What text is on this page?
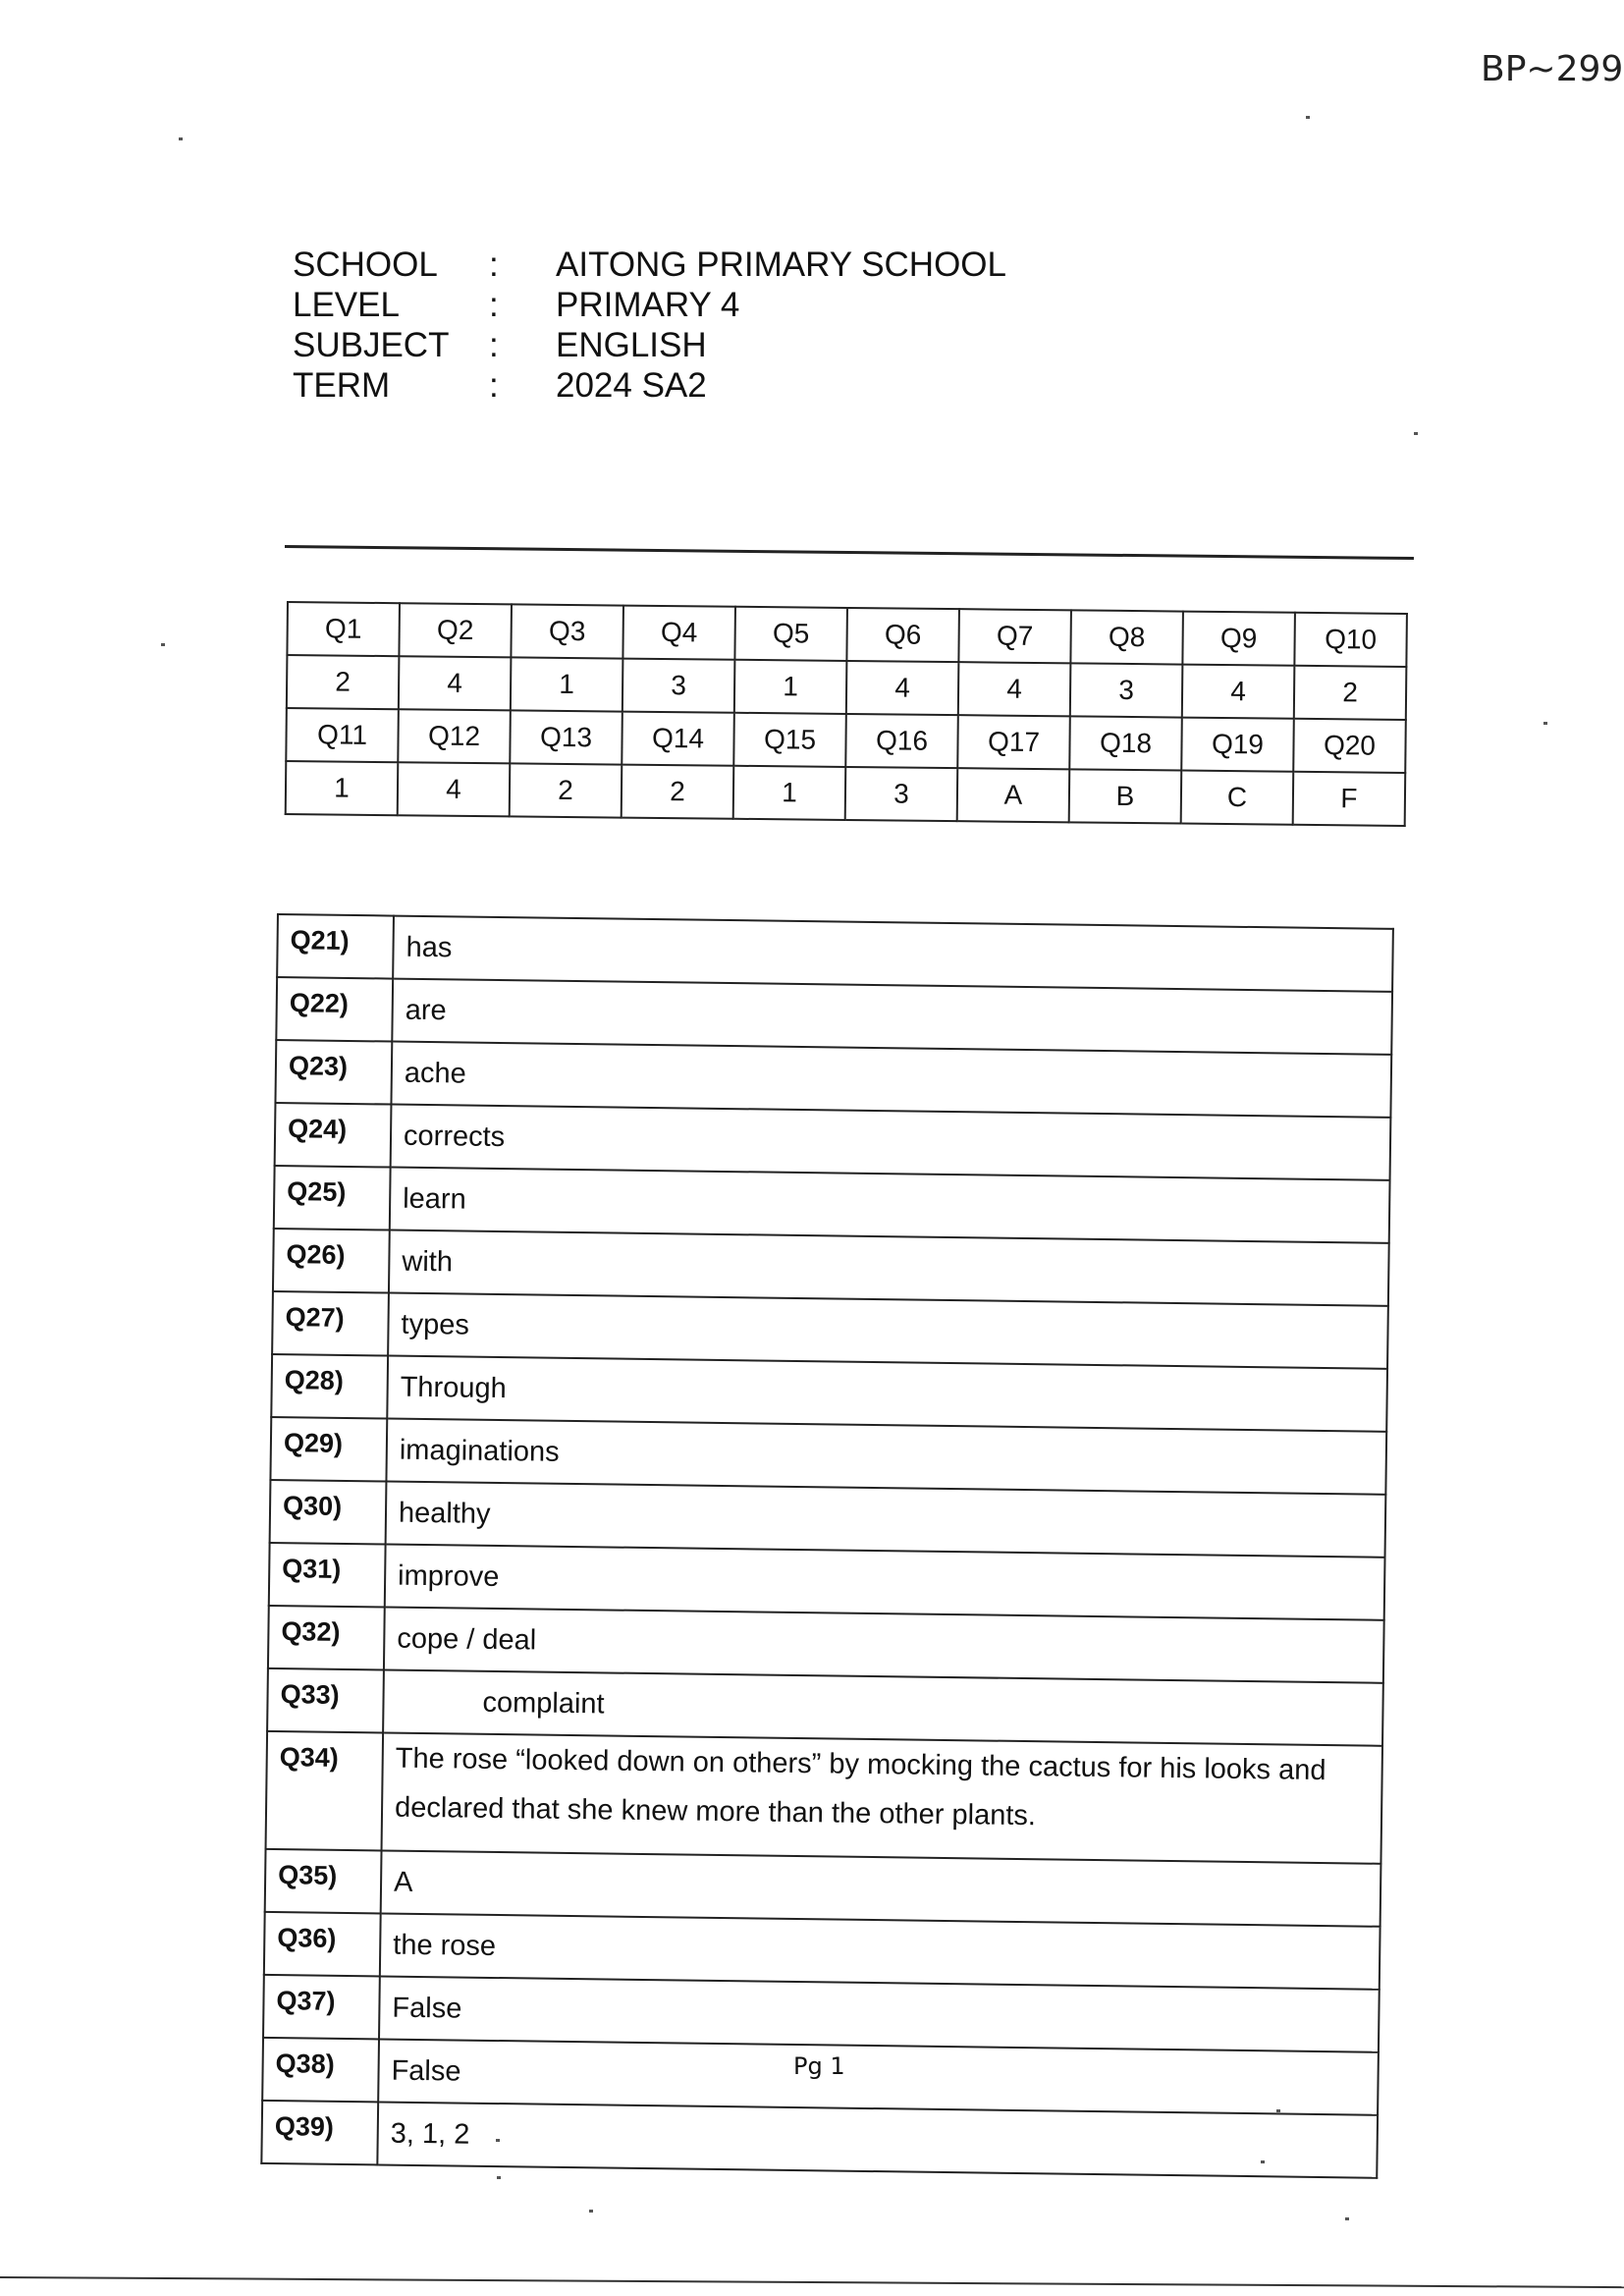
BP~299
SCHOOL	:	AITONG PRIMARY SCHOOL
LEVEL	:	PRIMARY 4
SUBJECT	:	ENGLISH
TERM	:	2024 SA2
Q1	Q2	Q3	Q4	Q5	Q6	Q7	Q8	Q9	Q10
2	4	1	3	1	4	4	3	4	2
Q11	Q12	Q13	Q14	Q15	Q16	Q17	Q18	Q19	Q20
1	4	2	2	1	3	A	B	C	F
Q21)	has
Q22)	are
Q23)	ache
Q24)	corrects
Q25)	learn
Q26)	with
Q27)	types
Q28)	Through
Q29)	imaginations
Q30)	healthy
Q31)	improve
Q32)	cope / deal
Q33)	complaint
Q34)	The rose “looked down on others” by mocking the cactus for his looks and declared that she knew more than the other plants.
Q35)	A
Q36)	the rose
Q37)	False
Q38)	False
Q39)	3, 1, 2
Pg 1
